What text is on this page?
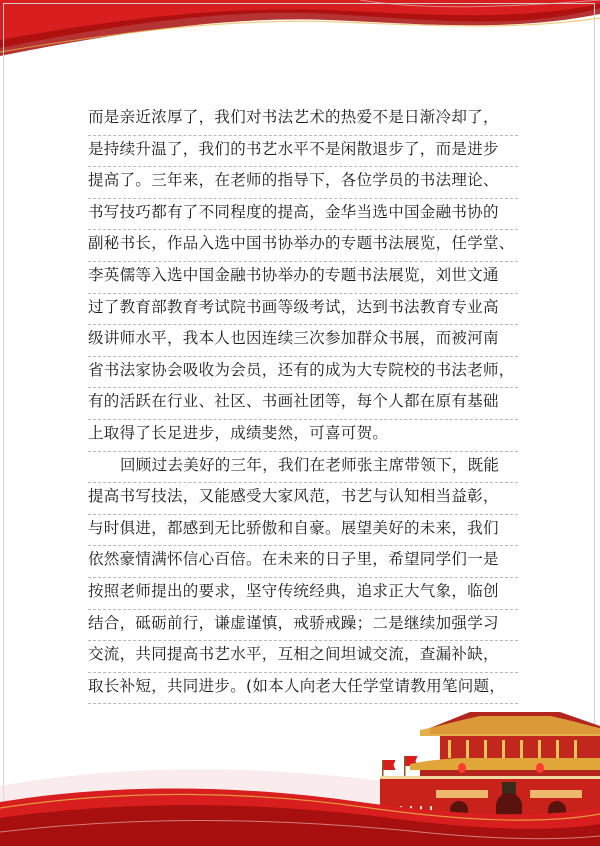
而是亲近浓厚了，我们对书法艺术的热爱不是日渐冷却了，
是持续升温了，我们的书艺水平不是闲散退步了，而是进步
提高了。三年来，在老师的指导下，各位学员的书法理论、
书写技巧都有了不同程度的提高，金华当选中国金融书协的
副秘书长，作品入选中国书协举办的专题书法展览，任学堂、
李英儒等入选中国金融书协举办的专题书法展览，刘世文通
过了教育部教育考试院书画等级考试，达到书法教育专业高
级讲师水平，我本人也因连续三次参加群众书展，而被河南
省书法家协会吸收为会员，还有的成为大专院校的书法老师，
有的活跃在行业、社区、书画社团等，每个人都在原有基础
上取得了长足进步，成绩斐然，可喜可贺。
回顾过去美好的三年，我们在老师张主席带领下，既能
提高书写技法，又能感受大家风范，书艺与认知相当益彰，
与时俱进，都感到无比骄傲和自豪。展望美好的未来，我们
依然豪情满怀信心百倍。在未来的日子里，希望同学们一是
按照老师提出的要求，坚守传统经典，追求正大气象，临创
结合，砥砺前行，谦虚谨慎，戒骄戒躁；二是继续加强学习
交流，共同提高书艺水平，互相之间坦诚交流，查漏补缺，
取长补短，共同进步。(如本人向老大任学堂请教用笔问题，
